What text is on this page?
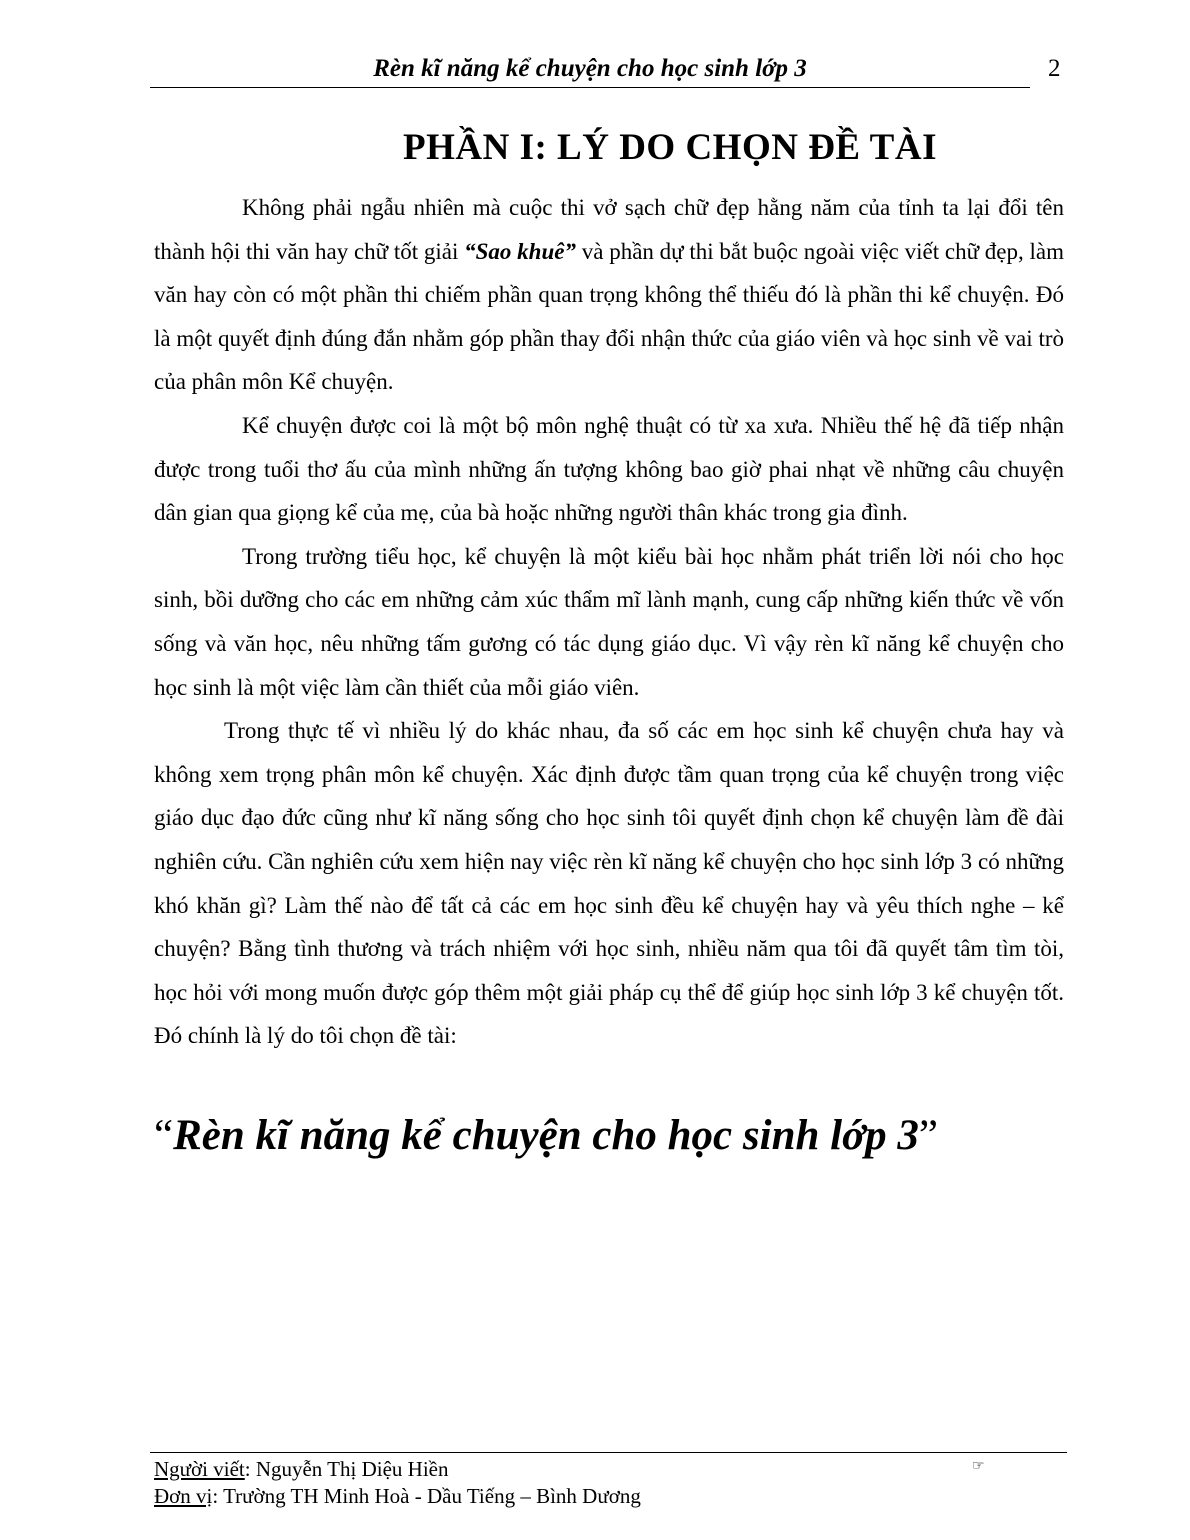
Rèn kĩ năng kể chuyện cho học sinh lớp 3	2
PHẦN I: LÝ DO CHỌN ĐỀ TÀI

Không phải ngẫu nhiên mà cuộc thi vở sạch chữ đẹp hằng năm của tỉnh ta lại đổi tên thành hội thi văn hay chữ tốt giải “Sao khuê” và phần dự thi bắt buộc ngoài việc viết chữ đẹp, làm văn hay còn có một phần thi chiếm phần quan trọng không thể thiếu đó là phần thi kể chuyện. Đó là một quyết định đúng đắn nhằm góp phần thay đổi nhận thức của giáo viên và học sinh về vai trò của phân môn Kể chuyện.

Kể chuyện được coi là một bộ môn nghệ thuật có từ xa xưa. Nhiều thế hệ đã tiếp nhận được trong tuổi thơ ấu của mình những ấn tượng không bao giờ phai nhạt về những câu chuyện dân gian qua giọng kể của mẹ, của bà hoặc những người thân khác trong gia đình.

Trong trường tiểu học, kể chuyện là một kiểu bài học nhằm phát triển lời nói cho học sinh, bồi dưỡng cho các em những cảm xúc thẩm mĩ lành mạnh, cung cấp những kiến thức về vốn sống và văn học, nêu những tấm gương có tác dụng giáo dục. Vì vậy rèn kĩ năng kể chuyện cho học sinh là một việc làm cần thiết của mỗi giáo viên.

Trong thực tế vì nhiều lý do khác nhau, đa số các em học sinh kể chuyện chưa hay và không xem trọng phân môn kể chuyện. Xác định được tầm quan trọng của kể chuyện trong việc giáo dục đạo đức cũng như kĩ năng sống cho học sinh tôi quyết định chọn kể chuyện làm đề đài nghiên cứu. Cần nghiên cứu xem hiện nay việc rèn kĩ năng kể chuyện cho học sinh lớp 3 có những khó khăn gì? Làm thế nào để tất cả các em học sinh đều kể chuyện hay và yêu thích nghe – kể chuyện? Bằng tình thương và trách nhiệm với học sinh, nhiều năm qua tôi đã quyết tâm tìm tòi, học hỏi với mong muốn được góp thêm một giải pháp cụ thể để giúp học sinh lớp 3 kể chuyện tốt. Đó chính là lý do tôi chọn đề tài:

“Rèn kĩ năng kể chuyện cho học sinh lớp 3”
Người viết: Nguyễn Thị Diệu Hiền
Đơn vị: Trường TH Minh Hoà - Dầu Tiếng – Bình Dương
☞
